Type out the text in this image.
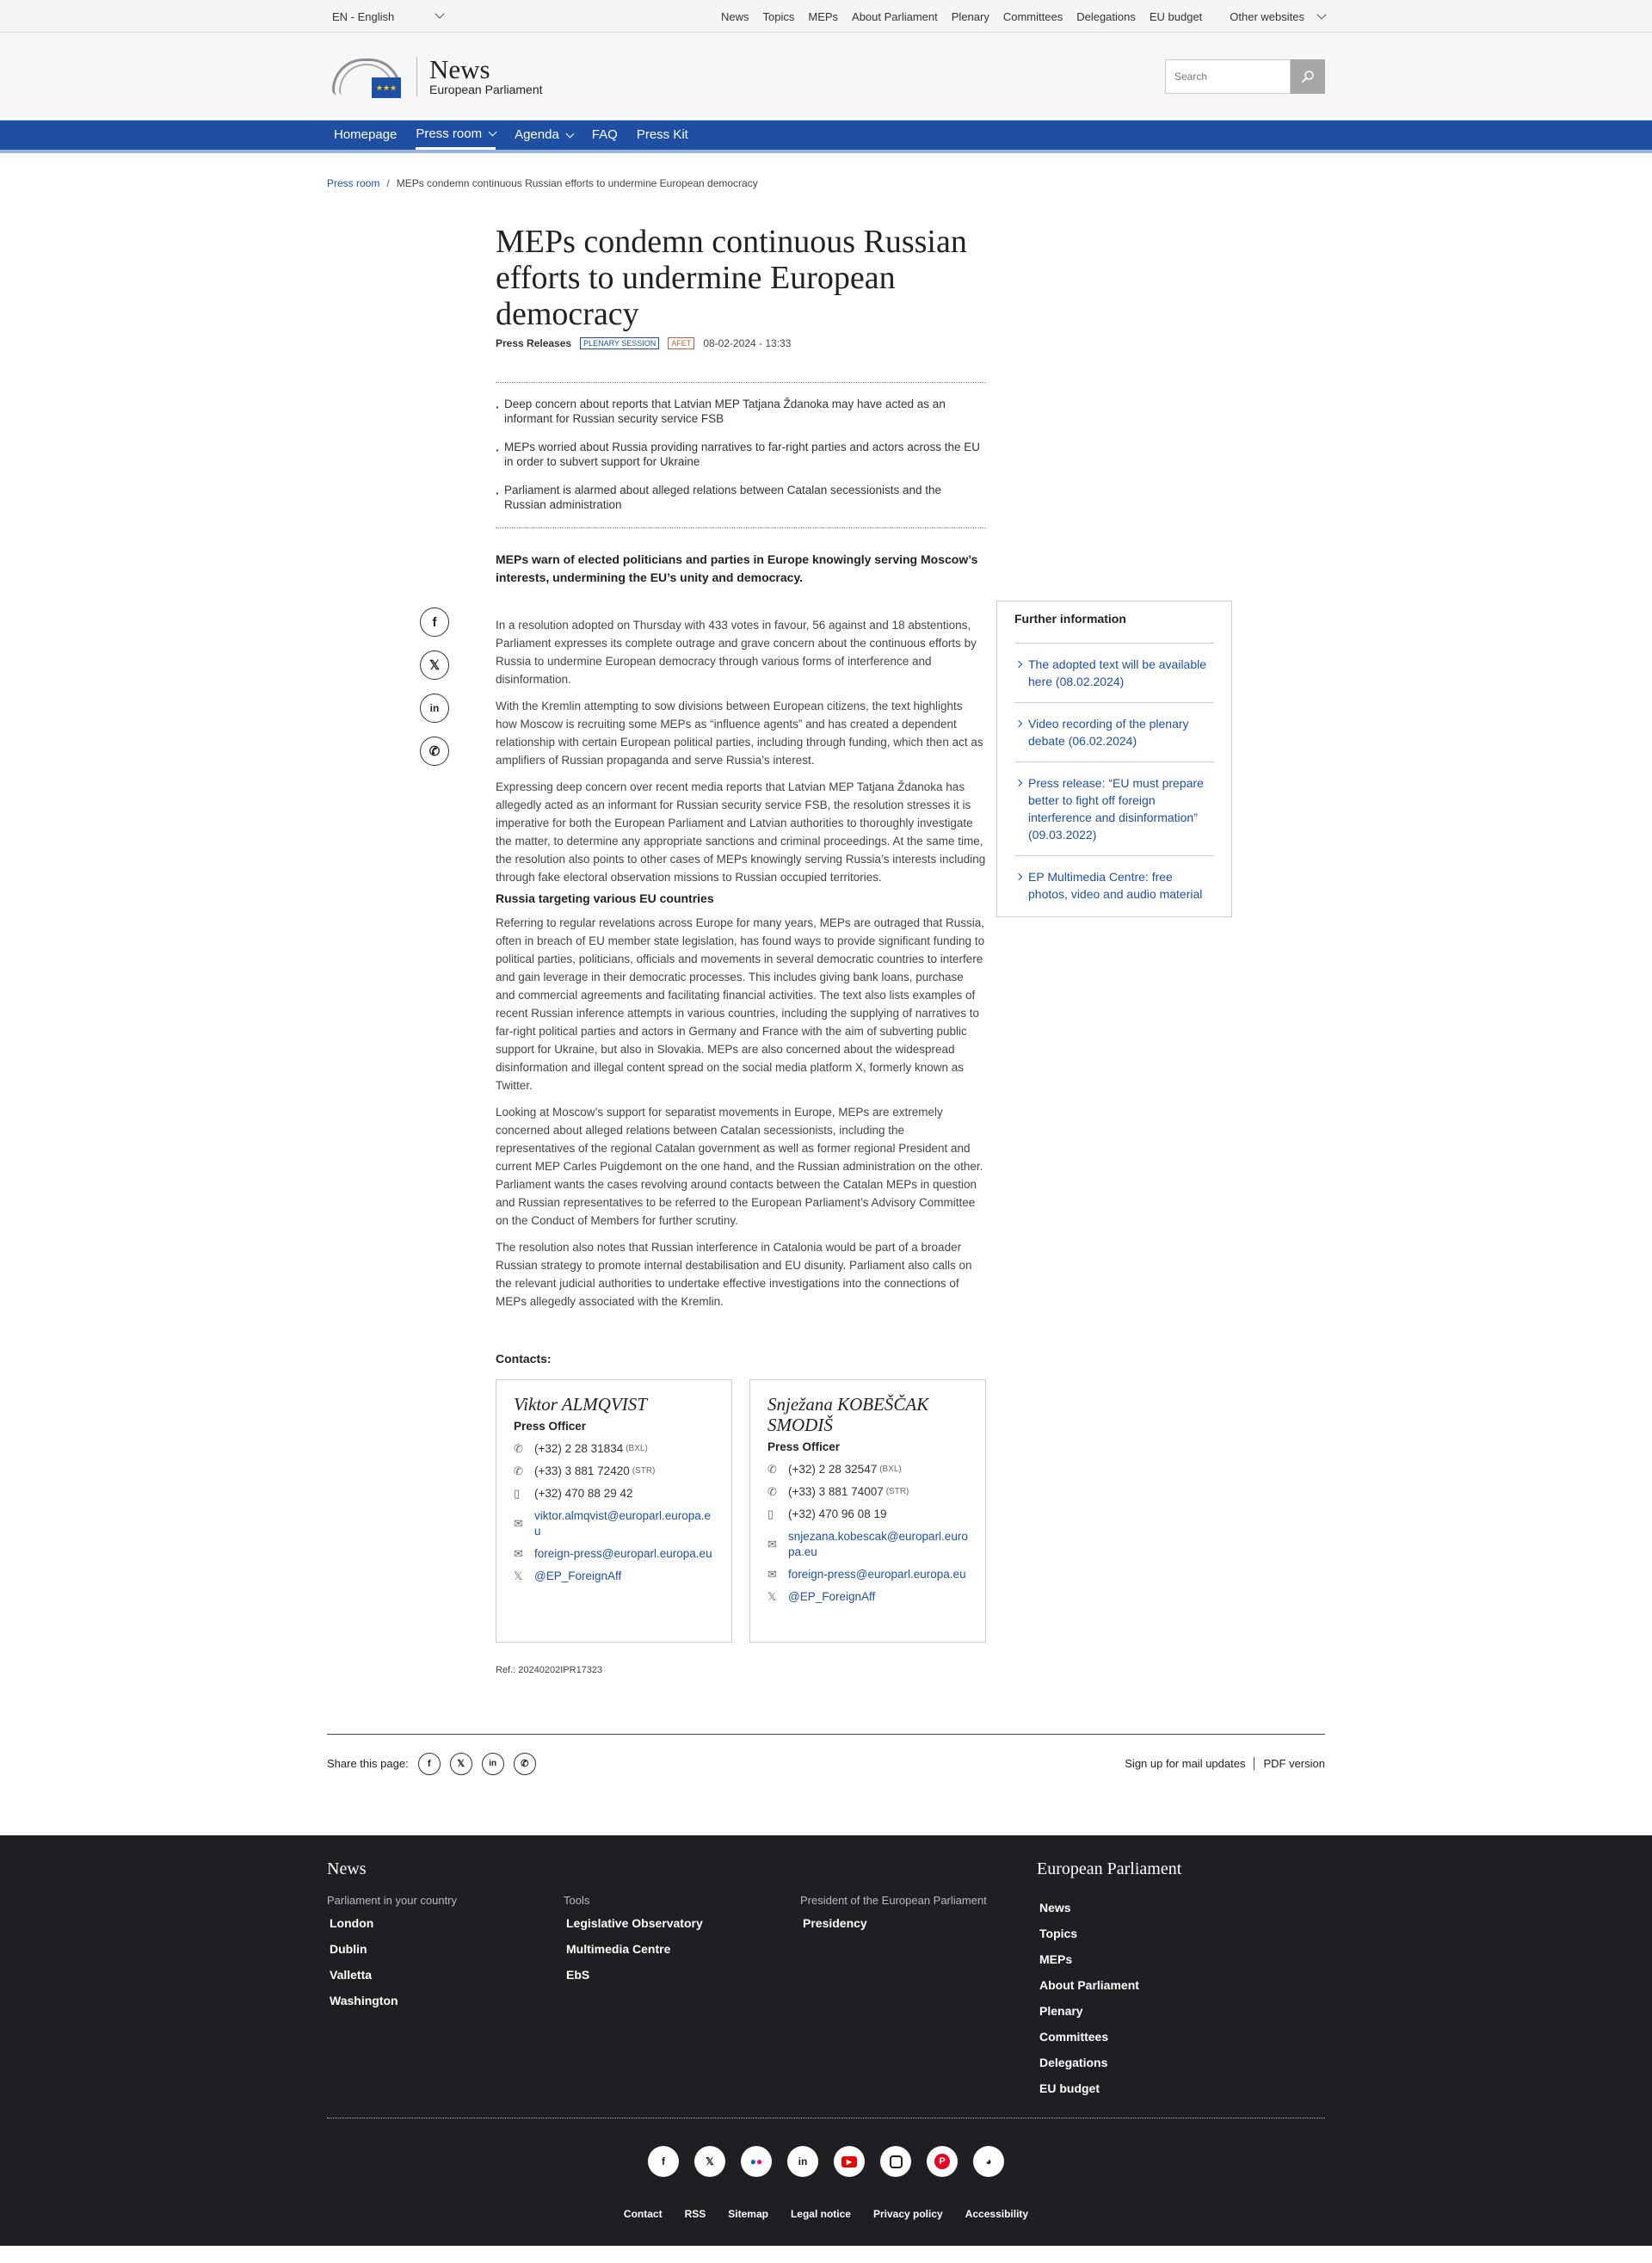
EN - English	News Topics MEPs About Parliament Plenary Committees Delegations EU budget	Other websites
★★★
News
European Parliament
Search
Homepage Press room	Agenda	FAQ Press Kit
Press room / MEPs condemn continuous Russian efforts to undermine European democracy
f
𝕏
in
✆
Further information
The adopted text will be available here (08.02.2024)
Video recording of the plenary debate (06.02.2024)
Press release: “EU must prepare better to fight off foreign interference and disinformation” (09.03.2022)
EP Multimedia Centre: free photos, video and audio material
MEPs condemn continuous Russian efforts to undermine European democracy
Press Releases	PLENARY SESSION	AFET	08-02-2024 - 13:33
· Deep concern about reports that Latvian MEP Tatjana Ždanoka may have acted as an informant for Russian security service FSB
· MEPs worried about Russia providing narratives to far-right parties and actors across the EU in order to subvert support for Ukraine
· Parliament is alarmed about alleged relations between Catalan secessionists and the Russian administration
MEPs warn of elected politicians and parties in Europe knowingly serving Moscow’s interests, undermining the EU’s unity and democracy.

In a resolution adopted on Thursday with 433 votes in favour, 56 against and 18 abstentions, Parliament expresses its complete outrage and grave concern about the continuous efforts by Russia to undermine European democracy through various forms of interference and disinformation.

With the Kremlin attempting to sow divisions between European citizens, the text highlights how Moscow is recruiting some MEPs as “influence agents” and has created a dependent relationship with certain European political parties, including through funding, which then act as amplifiers of Russian propaganda and serve Russia’s interest.

Expressing deep concern over recent media reports that Latvian MEP Tatjana Ždanoka has allegedly acted as an informant for Russian security service FSB, the resolution stresses it is imperative for both the European Parliament and Latvian authorities to thoroughly investigate the matter, to determine any appropriate sanctions and criminal proceedings. At the same time, the resolution also points to other cases of MEPs knowingly serving Russia’s interests including through fake electoral observation missions to Russian occupied territories.

Russia targeting various EU countries

Referring to regular revelations across Europe for many years, MEPs are outraged that Russia, often in breach of EU member state legislation, has found ways to provide significant funding to political parties, politicians, officials and movements in several democratic countries to interfere and gain leverage in their democratic processes. This includes giving bank loans, purchase and commercial agreements and facilitating financial activities. The text also lists examples of recent Russian inference attempts in various countries, including the supplying of narratives to far-right political parties and actors in Germany and France with the aim of subverting public support for Ukraine, but also in Slovakia. MEPs are also concerned about the widespread disinformation and illegal content spread on the social media platform X, formerly known as Twitter.

Looking at Moscow’s support for separatist movements in Europe, MEPs are extremely concerned about alleged relations between Catalan secessionists, including the representatives of the regional Catalan government as well as former regional President and current MEP Carles Puigdemont on the one hand, and the Russian administration on the other. Parliament wants the cases revolving around contacts between the Catalan MEPs in question and Russian representatives to be referred to the European Parliament’s Advisory Committee on the Conduct of Members for further scrutiny.

The resolution also notes that Russian interference in Catalonia would be part of a broader Russian strategy to promote internal destabilisation and EU disunity. Parliament also calls on the relevant judicial authorities to undertake effective investigations into the connections of MEPs allegedly associated with the Kremlin.

Contacts:
Viktor ALMQVIST
Press Officer
✆ (+32) 2 28 31834 (BXL)
✆ (+33) 3 881 72420 (STR)
▯	(+32) 470 88 29 42
✉
viktor.almqvist@europarl.europa.eu
✉ foreign-press@europarl.europa.eu
𝕏	@EP_ForeignAff
Snježana KOBEŠČAK SMODIŠ
Press Officer
✆ (+32) 2 28 32547 (BXL)
✆ (+33) 3 881 74007 (STR)
▯	(+32) 470 96 08 19
✉
snjezana.kobescak@europarl.europa.eu
✉ foreign-press@europarl.europa.eu
𝕏	@EP_ForeignAff
Ref.: 20240202IPR17323
Share this page:	f	𝕏	in	✆	Sign up for mail updates PDF version
News
Parliament in your country
London
Dublin
Valletta
Washington
Tools
Legislative Observatory
Multimedia Centre
EbS
President of the European Parliament
Presidency
European Parliament
News
Topics
MEPs
About Parliament
Plenary
Committees
Delegations
EU budget
f	𝕏	● ●	in	▶	P	◕
Contact RSS Sitemap Legal notice Privacy policy Accessibility
